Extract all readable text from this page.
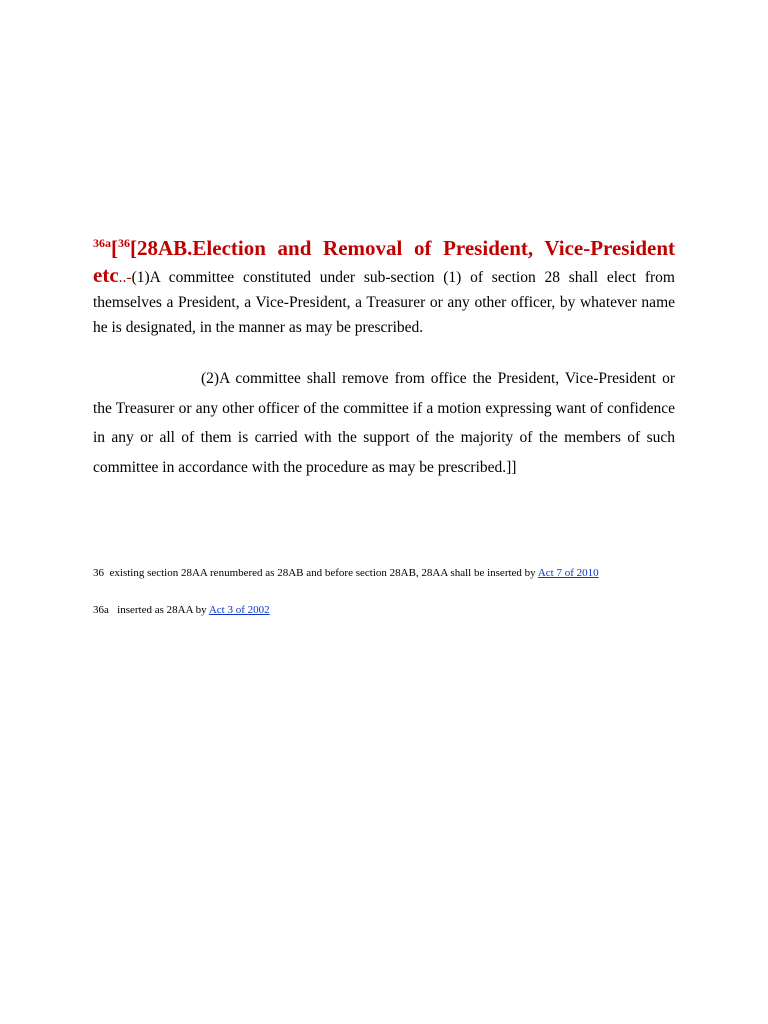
$^{36a}$[$^{36}$[28AB.Election and Removal of President, Vice-President etc..-(1)A committee constituted under sub-section (1) of section 28 shall elect from themselves a President, a Vice-President, a Treasurer or any other officer, by whatever name he is designated, in the manner as may be prescribed.

(2)A committee shall remove from office the President, Vice-President or the Treasurer or any other officer of the committee if a motion expressing want of confidence in any or all of them is carried with the support of the majority of the members of such committee in accordance with the procedure as may be prescribed.]]

36 existing section 28AA renumbered as 28AB and before section 28AB, 28AA shall be inserted by Act 7 of 2010

36a inserted as 28AA by Act 3 of 2002
